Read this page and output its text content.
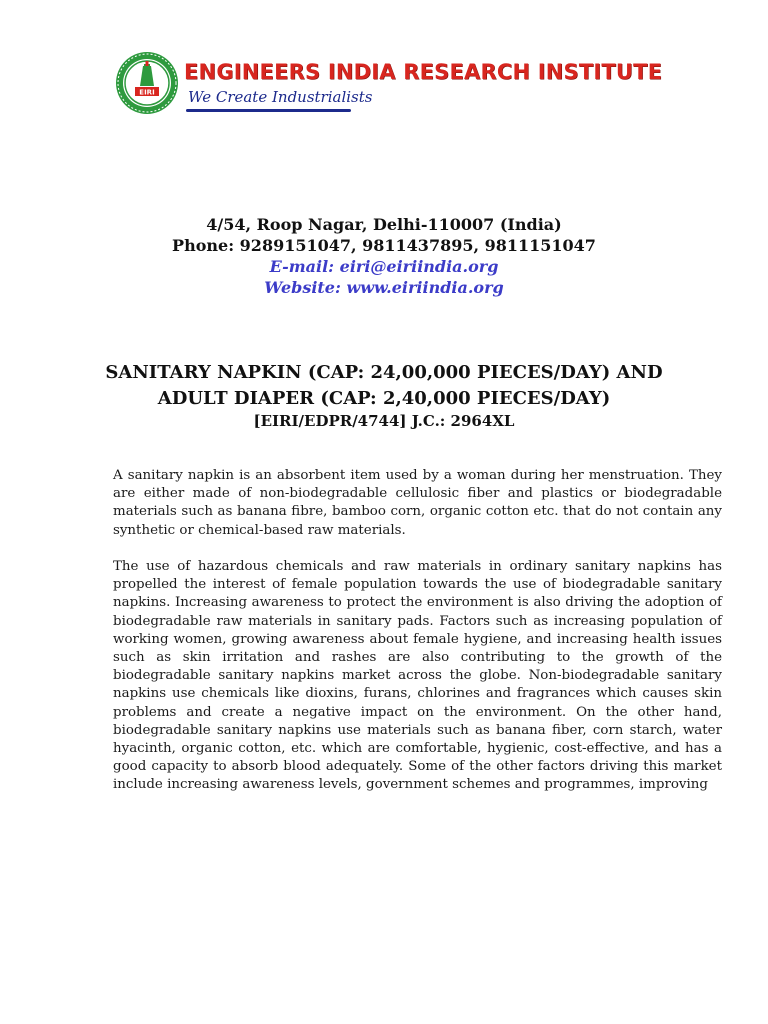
EIRI
ENGINEERS INDIA RESEARCH INSTITUTE
We Create Industrialists
4/54, Roop Nagar, Delhi-110007 (India)
Phone: 9289151047, 9811437895, 9811151047
E-mail: eiri@eiriindia.org
Website: www.eiriindia.org
SANITARY NAPKIN (CAP: 24,00,000 PIECES/DAY) AND
ADULT DIAPER (CAP: 2,40,000 PIECES/DAY)
[EIRI/EDPR/4744] J.C.: 2964XL
A sanitary napkin is an absorbent item used by a woman during her menstruation. They are either made of non-biodegradable cellulosic fiber and plastics or biodegradable materials such as banana fibre, bamboo corn, organic cotton etc. that do not contain any synthetic or chemical-based raw materials.
The use of hazardous chemicals and raw materials in ordinary sanitary napkins has propelled the interest of female population towards the use of biodegradable sanitary napkins. Increasing awareness to protect the environment is also driving the adoption of biodegradable raw materials in sanitary pads. Factors such as increasing population of working women, growing awareness about female hygiene, and increasing health issues such as skin irritation and rashes are also contributing to the growth of the biodegradable sanitary napkins market across the globe. Non-biodegradable sanitary napkins use chemicals like dioxins, furans, chlorines and fragrances which causes skin problems and create a negative impact on the environment. On the other hand, biodegradable sanitary napkins use materials such as banana fiber, corn starch, water hyacinth, organic cotton, etc. which are comfortable, hygienic, cost-effective, and has a good capacity to absorb blood adequately. Some of the other factors driving this market include increasing awareness levels, government schemes and programmes, improving
